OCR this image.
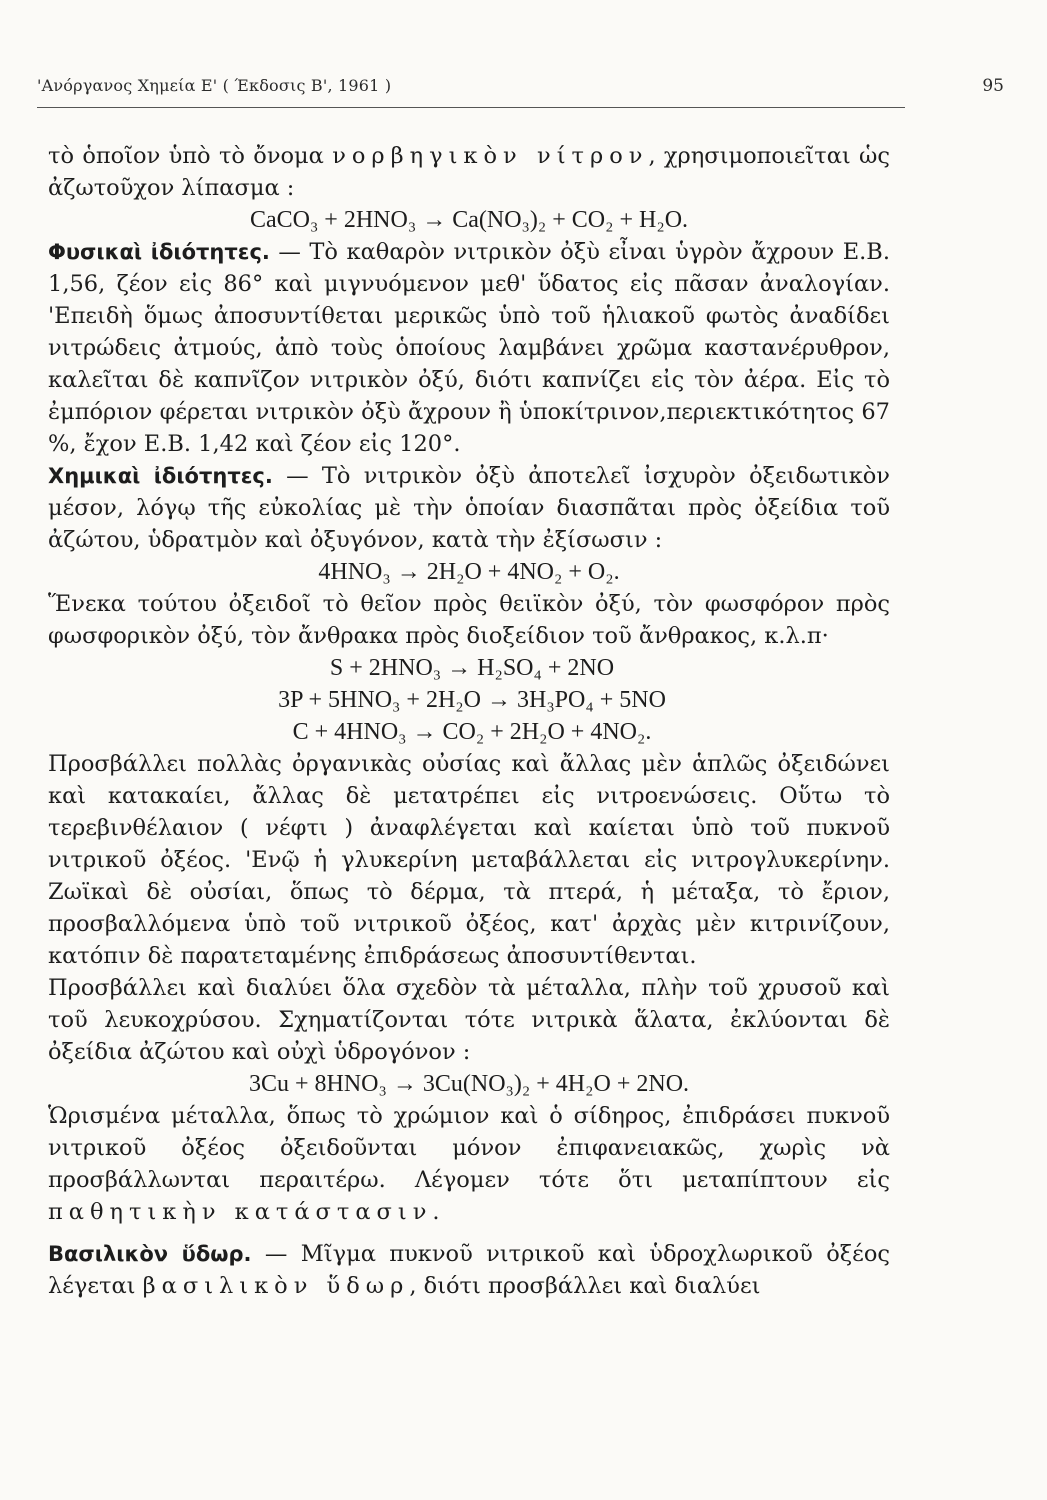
'Ανόργανος Χημεία Ε' ( Έκδοσις Β', 1961 )	95

τὸ ὁποῖον ὑπὸ τὸ ὄνομα νορβηγικὸν νίτρον, χρησιμοποιεῖται ὡς ἀζωτοῦχον λίπασμα :

CaCO₃ + 2HNO₃ → Ca(NO₃)₂ + CO₂ + H₂O.

Φυσικαὶ ἰδιότητες. — Τὸ καθαρὸν νιτρικὸν ὀξὺ εἶναι ὑγρὸν ἄχρουν Ε.Β. 1,56, ζέον εἰς 86° καὶ μιγνυόμενον μεθ' ὕδατος εἰς πᾶσαν ἀναλογίαν. 'Επειδὴ ὅμως ἀποσυντίθεται μερικῶς ὑπὸ τοῦ ἡλιακοῦ φωτὸς ἀναδίδει νιτρώδεις ἀτμούς, ἀπὸ τοὺς ὁποίους λαμβάνει χρῶμα καστανέρυθρον, καλεῖται δὲ καπνῖζον νιτρικὸν ὀξύ, διότι καπνίζει εἰς τὸν ἀέρα. Εἰς τὸ ἐμπόριον φέρεται νιτρικὸν ὀξὺ ἄχρουν ἢ ὑποκίτρινον,περιεκτικότητος 67 %, ἔχον Ε.Β. 1,42 καὶ ζέον εἰς 120°.

Χημικαὶ ἰδιότητες. — Τὸ νιτρικὸν ὀξὺ ἀποτελεῖ ἰσχυρὸν ὀξειδωτικὸν μέσον, λόγῳ τῆς εὐκολίας μὲ τὴν ὁποίαν διασπᾶται πρὸς ὀξείδια τοῦ ἀζώτου, ὑδρατμὸν καὶ ὀξυγόνον, κατὰ τὴν ἐξίσωσιν :

4HNO₃ → 2H₂O + 4NO₂ + O₂.

Ἕνεκα τούτου ὀξειδοῖ τὸ θεῖον πρὸς θειϊκὸν ὀξύ, τὸν φωσφόρον πρὸς φωσφορικὸν ὀξύ, τὸν ἄνθρακα πρὸς διοξείδιον τοῦ ἄνθρακος, κ.λ.π·

S + 2HNO₃ → H₂SO₄ + 2NO

3P + 5HNO₃ + 2H₂O → 3H₃PO₄ + 5NO

C + 4HNO₃ → CO₂ + 2H₂O + 4NO₂.

Προσβάλλει πολλὰς ὀργανικὰς οὐσίας καὶ ἄλλας μὲν ἁπλῶς ὀξειδώνει καὶ κατακαίει, ἄλλας δὲ μετατρέπει εἰς νιτροενώσεις. Οὕτω τὸ τερεβινθέλαιον ( νέφτι ) ἀναφλέγεται καὶ καίεται ὑπὸ τοῦ πυκνοῦ νιτρικοῦ ὀξέος. 'Ενῷ ἡ γλυκερίνη μεταβάλλεται εἰς νιτρογλυκερίνην. Ζωϊκαὶ δὲ οὐσίαι, ὅπως τὸ δέρμα, τὰ πτερά, ἡ μέταξα, τὸ ἔριον, προσβαλλόμενα ὑπὸ τοῦ νιτρικοῦ ὀξέος, κατ' ἀρχὰς μὲν κιτρινίζουν, κατόπιν δὲ παρατεταμένης ἐπιδράσεως ἀποσυντίθενται.

Προσβάλλει καὶ διαλύει ὅλα σχεδὸν τὰ μέταλλα, πλὴν τοῦ χρυσοῦ καὶ τοῦ λευκοχρύσου. Σχηματίζονται τότε νιτρικὰ ἅλατα, ἐκλύονται δὲ ὀξείδια ἀζώτου καὶ οὐχὶ ὑδρογόνον :

3Cu + 8HNO₃ → 3Cu(NO₃)₂ + 4H₂O + 2NO.

Ὡρισμένα μέταλλα, ὅπως τὸ χρώμιον καὶ ὁ σίδηρος, ἐπιδράσει πυκνοῦ νιτρικοῦ ὀξέος ὀξειδοῦνται μόνον ἐπιφανειακῶς, χωρὶς νὰ προσβάλλωνται περαιτέρω. Λέγομεν τότε ὅτι μεταπίπτουν εἰς παθητικὴν κατάστασιν.

Βασιλικὸν ὕδωρ. — Μῖγμα πυκνοῦ νιτρικοῦ καὶ ὑδροχλωρικοῦ ὀξέος λέγεται βασιλικὸν ὕδωρ, διότι προσβάλλει καὶ διαλύει
